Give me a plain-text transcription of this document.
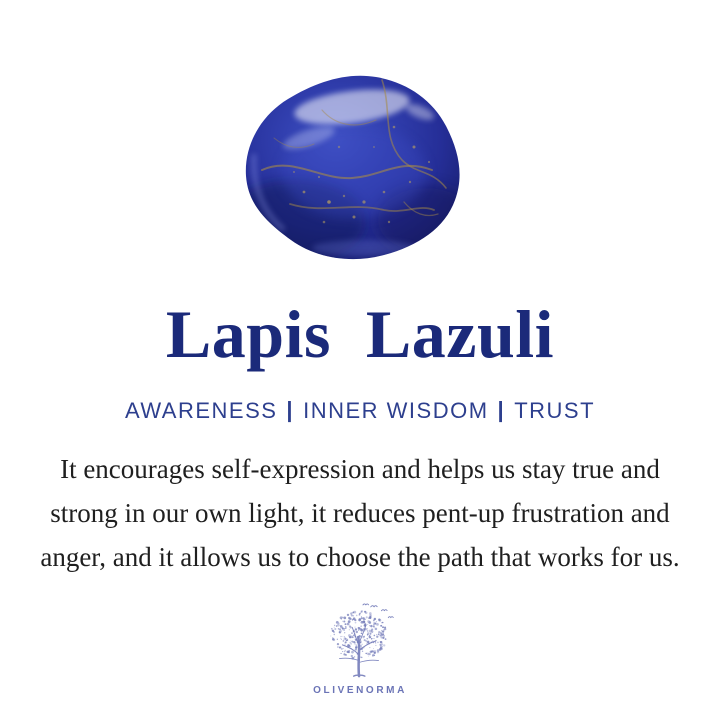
Lapis  Lazuli
AWARENESS | INNER WISDOM | TRUST

It encourages self-expression and helps us stay true and
strong in our own light, it reduces pent-up frustration and
anger, and it allows us to choose the path that works for us.

OLIVENORMA
